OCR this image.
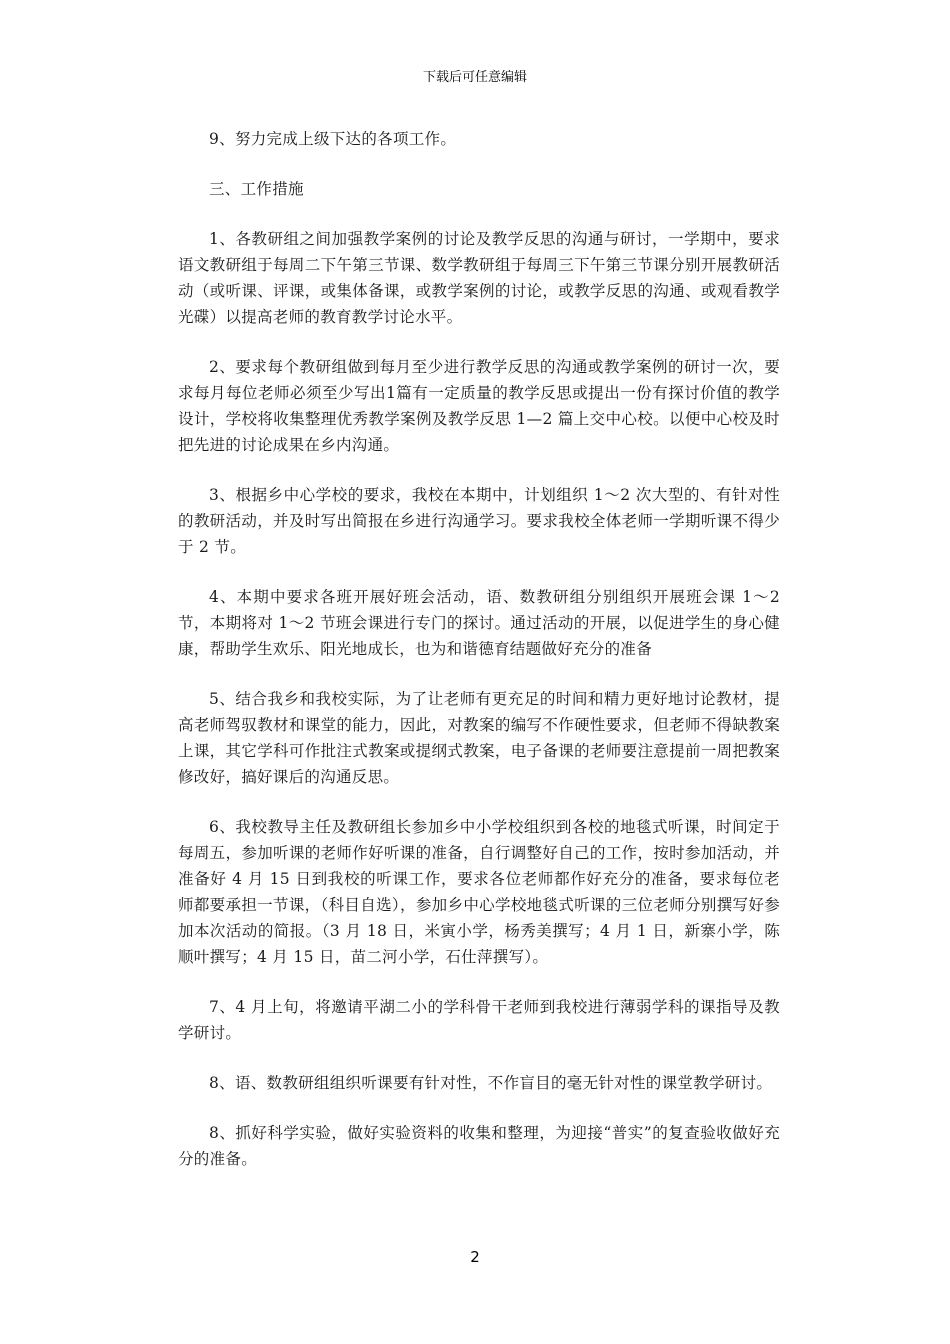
下载后可任意编辑

9、努力完成上级下达的各项工作。

三、工作措施

1、各教研组之间加强教学案例的讨论及教学反思的沟通与研讨，一学期中，要求语文教研组于每周二下午第三节课、数学教研组于每周三下午第三节课分别开展教研活动（或听课、评课，或集体备课，或教学案例的讨论，或教学反思的沟通、或观看教学光碟）以提高老师的教育教学讨论水平。

2、要求每个教研组做到每月至少进行教学反思的沟通或教学案例的研讨一次，要求每月每位老师必须至少写出1篇有一定质量的教学反思或提出一份有探讨价值的教学设计，学校将收集整理优秀教学案例及教学反思 1—2 篇上交中心校。以便中心校及时把先进的讨论成果在乡内沟通。

3、根据乡中心学校的要求，我校在本期中，计划组织 1～2 次大型的、有针对性的教研活动，并及时写出简报在乡进行沟通学习。要求我校全体老师一学期听课不得少于 2 节。

4、本期中要求各班开展好班会活动，语、数教研组分别组织开展班会课 1～2 节，本期将对 1～2 节班会课进行专门的探讨。通过活动的开展，以促进学生的身心健康，帮助学生欢乐、阳光地成长，也为和谐德育结题做好充分的准备

5、结合我乡和我校实际，为了让老师有更充足的时间和精力更好地讨论教材，提高老师驾驭教材和课堂的能力，因此，对教案的编写不作硬性要求，但老师不得缺教案上课，其它学科可作批注式教案或提纲式教案，电子备课的老师要注意提前一周把教案修改好，搞好课后的沟通反思。

6、我校教导主任及教研组长参加乡中小学校组织到各校的地毯式听课，时间定于每周五，参加听课的老师作好听课的准备，自行调整好自己的工作，按时参加活动，并准备好 4 月 15 日到我校的听课工作，要求各位老师都作好充分的准备，要求每位老师都要承担一节课，（科目自选），参加乡中心学校地毯式听课的三位老师分别撰写好参加本次活动的简报。（3 月 18 日，米寅小学，杨秀美撰写；4 月 1 日，新寨小学，陈顺叶撰写；4 月 15 日，苗二河小学，石仕萍撰写）。

7、4 月上旬，将邀请平湖二小的学科骨干老师到我校进行薄弱学科的课指导及教学研讨。

8、语、数教研组组织听课要有针对性，不作盲目的毫无针对性的课堂教学研讨。

8、抓好科学实验，做好实验资料的收集和整理，为迎接“普实”的复查验收做好充分的准备。

2
